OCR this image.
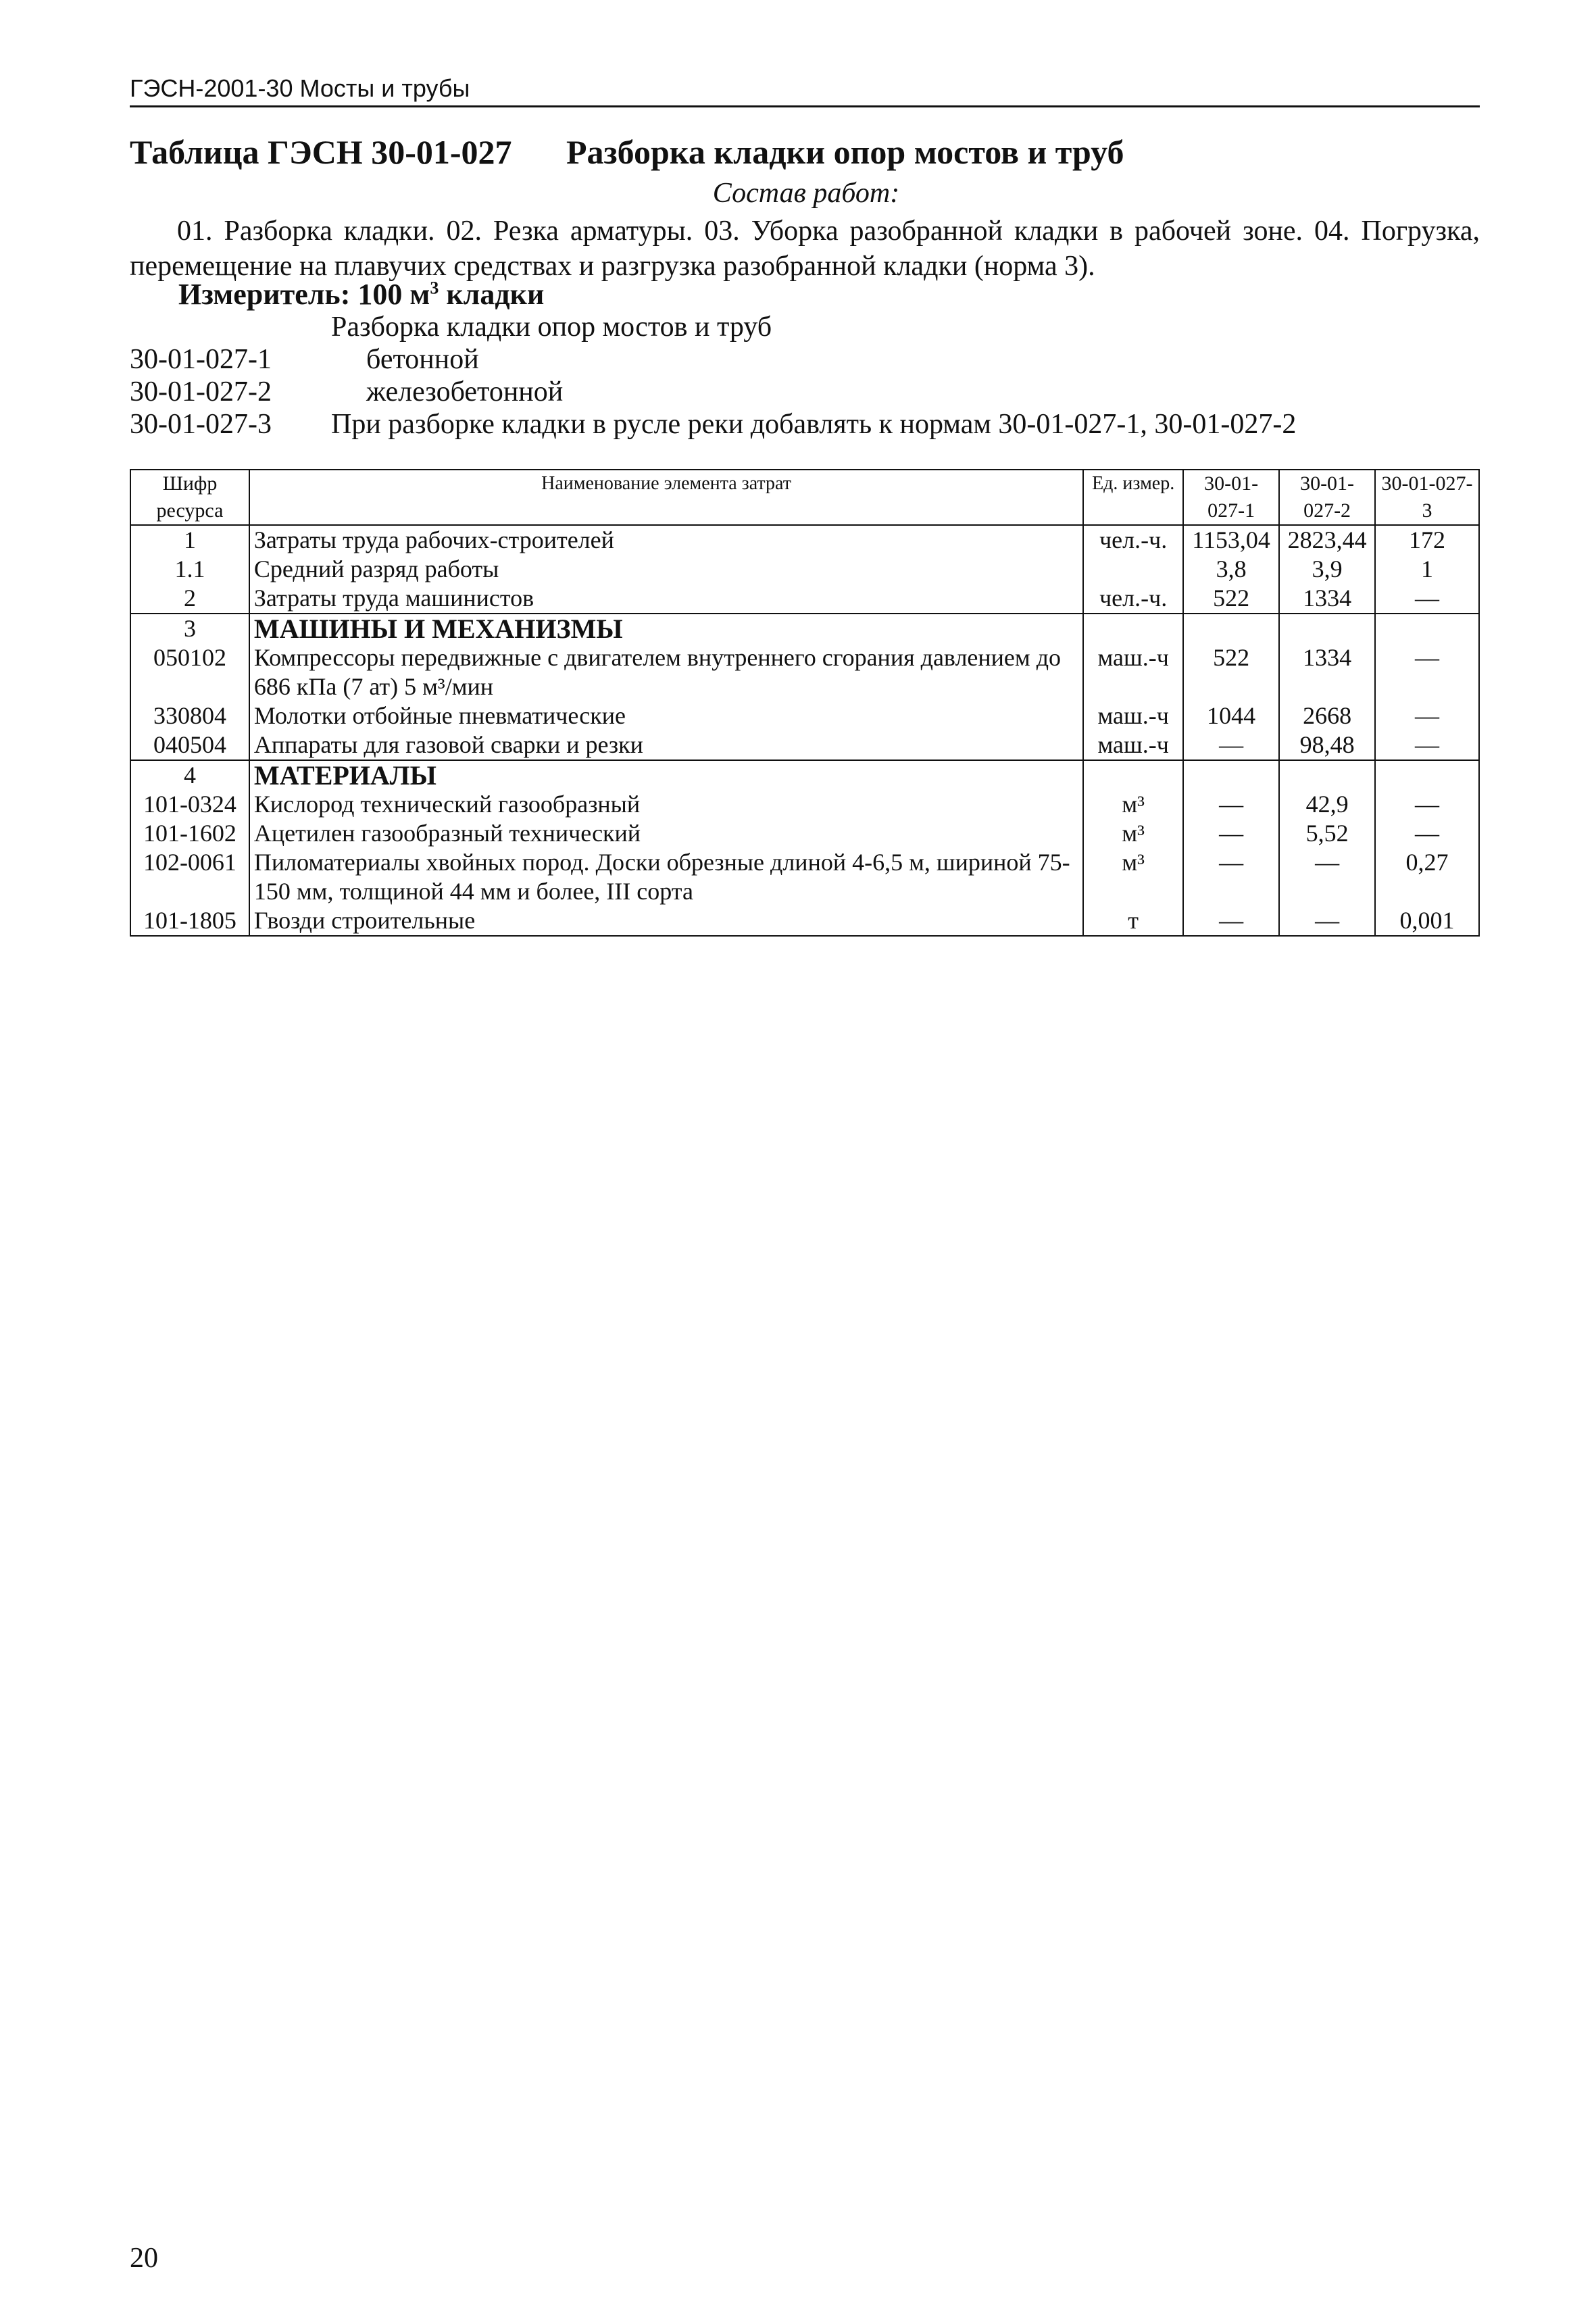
ГЭСН-2001-30 Мосты и трубы
Таблица ГЭСН 30-01-027 Разборка кладки опор мостов и труб
Состав работ:
01. Разборка кладки. 02. Резка арматуры. 03. Уборка разобранной кладки в рабочей зоне. 04. Погрузка, перемещение на плавучих средствах и разгрузка разобранной кладки (норма 3).
Измеритель: 100 $м^3$ кладки
Разборка кладки опор мостов и труб
30-01-027-1	бетонной
30-01-027-2	железобетонной
30-01-027-3 При разборке кладки в русле реки добавлять к нормам 30-01-027-1, 30-01-027-2
Шифр ресурса	Наименование элемента затрат	Ед. измер.	30-01-027-1	30-01-027-2	30-01-027-3
1	Затраты труда рабочих-строителей	чел.-ч.	1153,04	2823,44	172
1.1	Средний разряд работы		3,8	3,9	1
2	Затраты труда машинистов	чел.-ч.	522	1334	—
3	МАШИНЫ И МЕХАНИЗМЫ				
050102	Компрессоры передвижные с двигателем внутреннего сгорания давлением до 686 кПа (7 ат) 5 м³/мин	маш.-ч	522	1334	—
330804	Молотки отбойные пневматические	маш.-ч	1044	2668	—
040504	Аппараты для газовой сварки и резки	маш.-ч	—	98,48	—
4	МАТЕРИАЛЫ				
101-0324	Кислород технический газообразный	м³	—	42,9	—
101-1602	Ацетилен газообразный технический	м³	—	5,52	—
102-0061	Пиломатериалы хвойных пород. Доски обрезные длиной 4-6,5 м, шириной 75-150 мм, толщиной 44 мм и более, III сорта	м³	—	—	0,27
101-1805	Гвозди строительные	т	—	—	0,001
20
